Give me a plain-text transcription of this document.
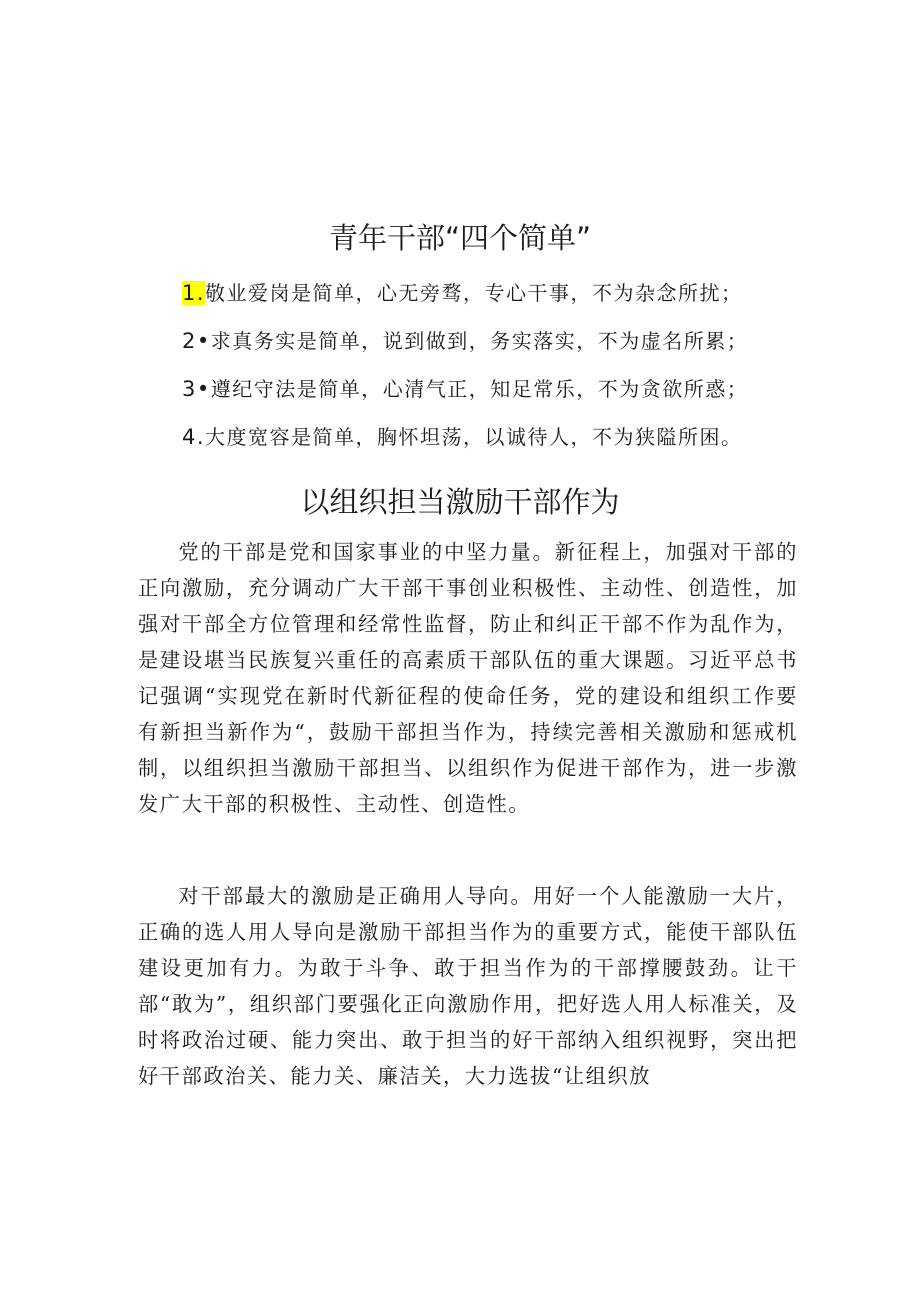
青年干部“四个简单”
1.敬业爱岗是简单，心无旁骛，专心干事，不为杂念所扰；
2•求真务实是简单，说到做到，务实落实，不为虚名所累；
3•遵纪守法是简单，心清气正，知足常乐，不为贪欲所惑；
4.大度宽容是简单，胸怀坦荡，以诚待人，不为狭隘所困。
以组织担当激励干部作为

党的干部是党和国家事业的中坚力量。新征程上，加强对干部的正向激励，充分调动广大干部干事创业积极性、主动性、创造性，加强对干部全方位管理和经常性监督，防止和纠正干部不作为乱作为，是建设堪当民族复兴重任的高素质干部队伍的重大课题。习近平总书记强调“实现党在新时代新征程的使命任务，党的建设和组织工作要有新担当新作为“，鼓励干部担当作为，持续完善相关激励和惩戒机制，以组织担当激励干部担当、以组织作为促进干部作为，进一步激发广大干部的积极性、主动性、创造性。

对干部最大的激励是正确用人导向。用好一个人能激励一大片，正确的选人用人导向是激励干部担当作为的重要方式，能使干部队伍建设更加有力。为敢于斗争、敢于担当作为的干部撑腰鼓劲。让干部“敢为”，组织部门要强化正向激励作用，把好选人用人标准关，及时将政治过硬、能力突出、敢于担当的好干部纳入组织视野，突出把好干部政治关、能力关、廉洁关，大力选拔“让组织放
